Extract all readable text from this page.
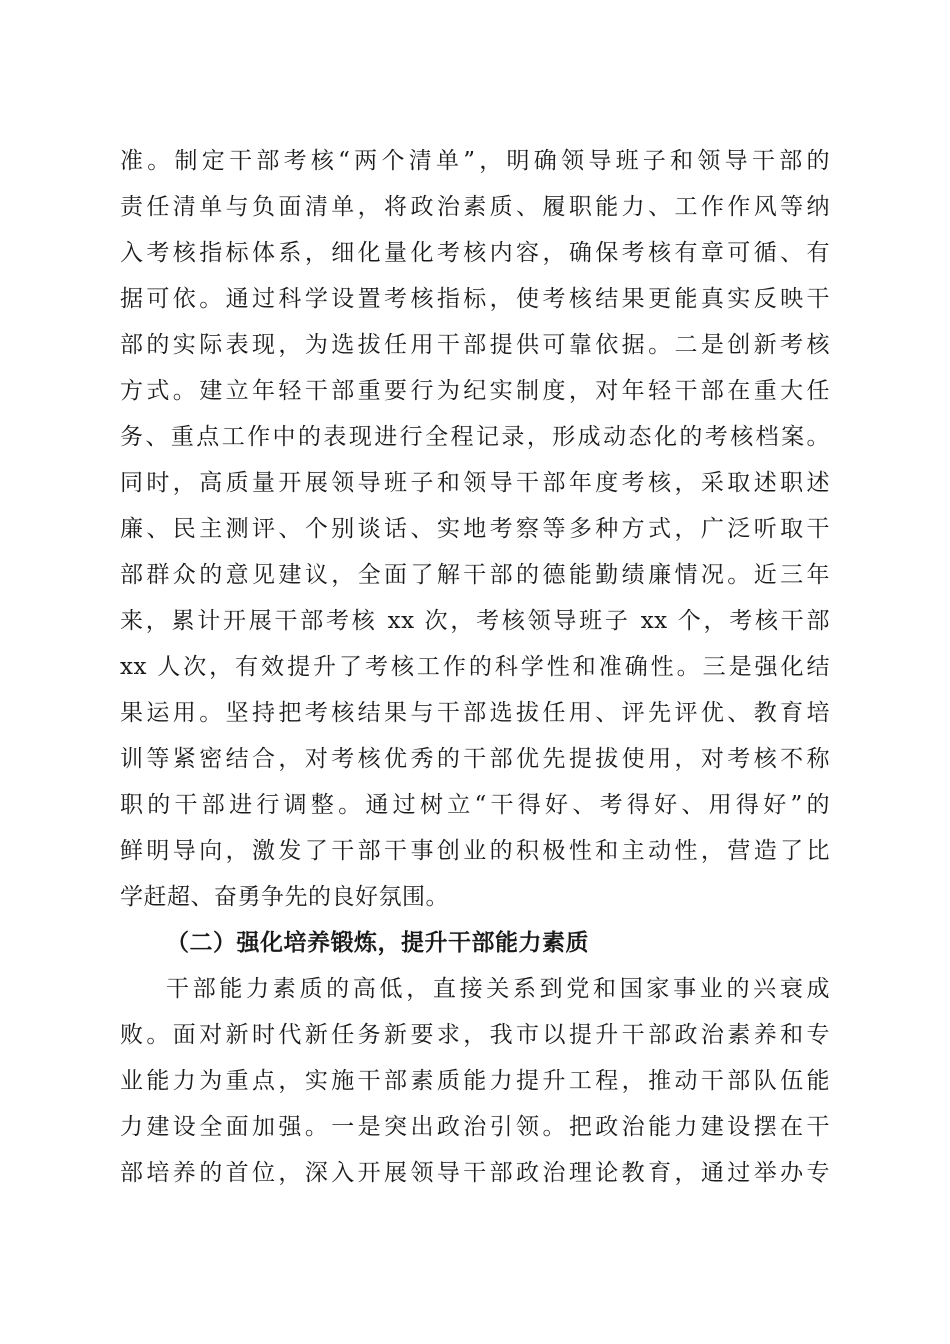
准。制定干部考核“两个清单”，明确领导班子和领导干部的
责任清单与负面清单，将政治素质、履职能力、工作作风等纳
入考核指标体系，细化量化考核内容，确保考核有章可循、有
据可依。通过科学设置考核指标，使考核结果更能真实反映干
部的实际表现，为选拔任用干部提供可靠依据。二是创新考核
方式。建立年轻干部重要行为纪实制度，对年轻干部在重大任
务、重点工作中的表现进行全程记录，形成动态化的考核档案。
同时，高质量开展领导班子和领导干部年度考核，采取述职述
廉、民主测评、个别谈话、实地考察等多种方式，广泛听取干
部群众的意见建议，全面了解干部的德能勤绩廉情况。近三年
来，累计开展干部考核 xx 次，考核领导班子 xx 个，考核干部
xx 人次，有效提升了考核工作的科学性和准确性。三是强化结
果运用。坚持把考核结果与干部选拔任用、评先评优、教育培
训等紧密结合，对考核优秀的干部优先提拔使用，对考核不称
职的干部进行调整。通过树立“干得好、考得好、用得好”的
鲜明导向，激发了干部干事创业的积极性和主动性，营造了比
学赶超、奋勇争先的良好氛围。
（二）强化培养锻炼，提升干部能力素质
干部能力素质的高低，直接关系到党和国家事业的兴衰成
败。面对新时代新任务新要求，我市以提升干部政治素养和专
业能力为重点，实施干部素质能力提升工程，推动干部队伍能
力建设全面加强。一是突出政治引领。把政治能力建设摆在干
部培养的首位，深入开展领导干部政治理论教育，通过举办专
